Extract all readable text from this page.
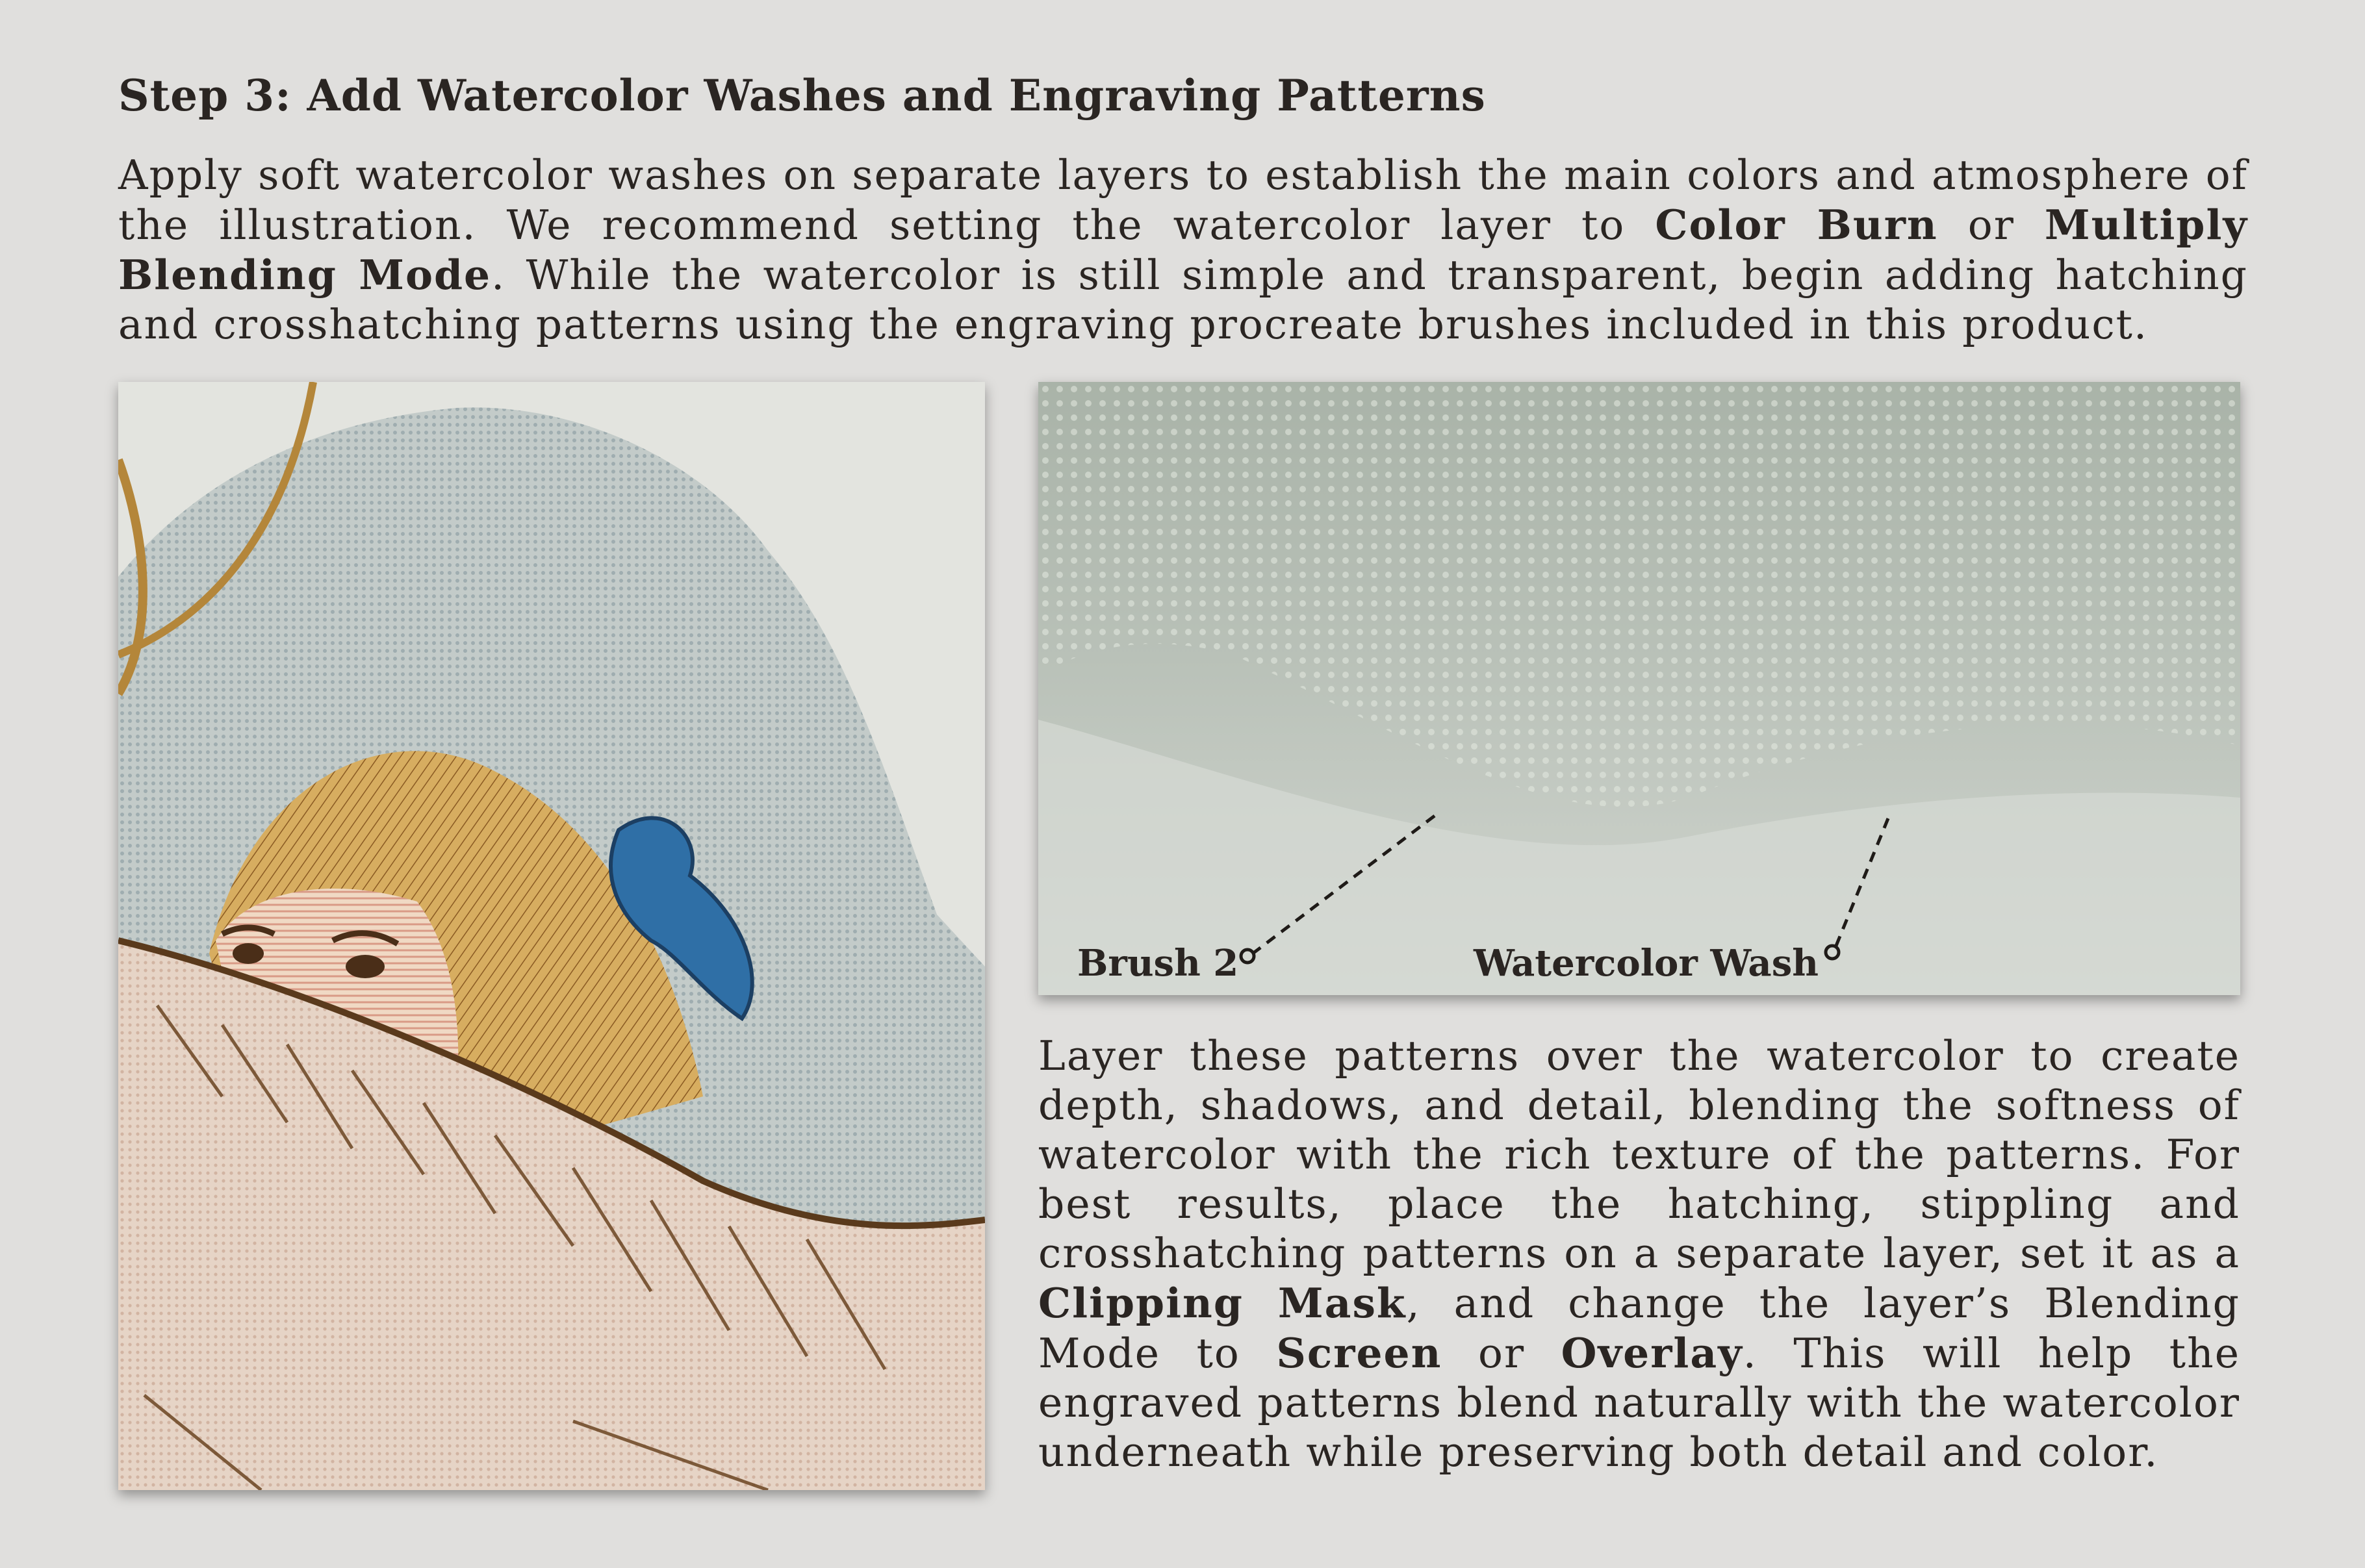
Step 3: Add Watercolor Washes and Engraving Patterns

Apply soft watercolor washes on separate layers to establish the main colors and atmosphere of the illustration. We recommend setting the watercolor layer to Color Burn or Multiply Blending Mode. While the watercolor is still simple and transparent, begin adding hatching and crosshatching patterns using the engraving procreate brushes included in this product.

Brush 2	Watercolor Wash

Layer these patterns over the watercolor to create depth, shadows, and detail, blending the softness of watercolor with the rich texture of the patterns. For best results, place the hatching, stippling and crosshatching patterns on a separate layer, set it as a Clipping Mask, and change the layer’s Blending Mode to Screen or Overlay. This will help the engraved patterns blend naturally with the watercolor underneath while preserving both detail and color.
